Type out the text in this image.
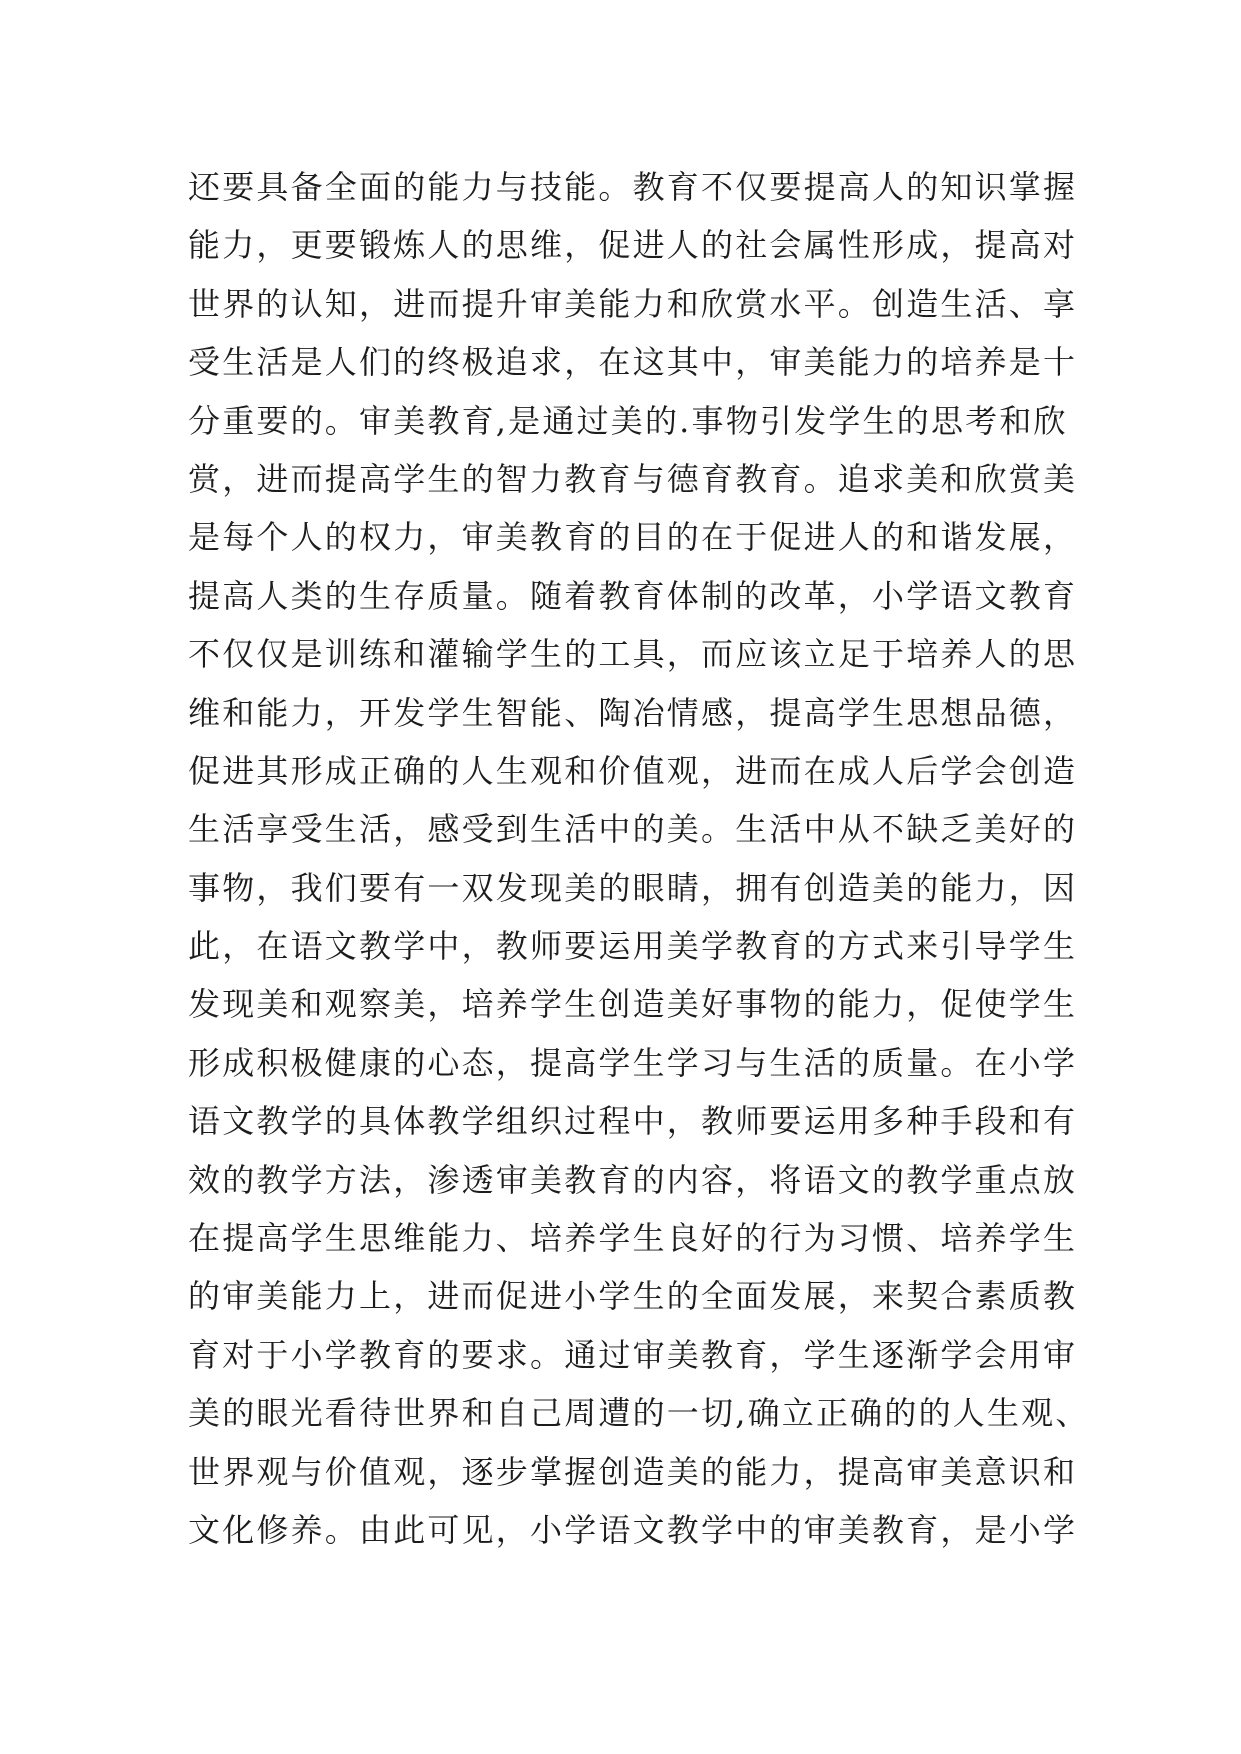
还要具备全面的能力与技能。教育不仅要提高人的知识掌握
能力，更要锻炼人的思维，促进人的社会属性形成，提高对
世界的认知，进而提升审美能力和欣赏水平。创造生活、享
受生活是人们的终极追求，在这其中，审美能力的培养是十
分重要的。审美教育,是通过美的.事物引发学生的思考和欣
赏，进而提高学生的智力教育与德育教育。追求美和欣赏美
是每个人的权力，审美教育的目的在于促进人的和谐发展，
提高人类的生存质量。随着教育体制的改革，小学语文教育
不仅仅是训练和灌输学生的工具，而应该立足于培养人的思
维和能力，开发学生智能、陶冶情感，提高学生思想品德，
促进其形成正确的人生观和价值观，进而在成人后学会创造
生活享受生活，感受到生活中的美。生活中从不缺乏美好的
事物，我们要有一双发现美的眼睛，拥有创造美的能力，因
此，在语文教学中，教师要运用美学教育的方式来引导学生
发现美和观察美，培养学生创造美好事物的能力，促使学生
形成积极健康的心态，提高学生学习与生活的质量。在小学
语文教学的具体教学组织过程中，教师要运用多种手段和有
效的教学方法，渗透审美教育的内容，将语文的教学重点放
在提高学生思维能力、培养学生良好的行为习惯、培养学生
的审美能力上，进而促进小学生的全面发展，来契合素质教
育对于小学教育的要求。通过审美教育，学生逐渐学会用审
美的眼光看待世界和自己周遭的一切,确立正确的的人生观、
世界观与价值观，逐步掌握创造美的能力，提高审美意识和
文化修养。由此可见，小学语文教学中的审美教育，是小学
